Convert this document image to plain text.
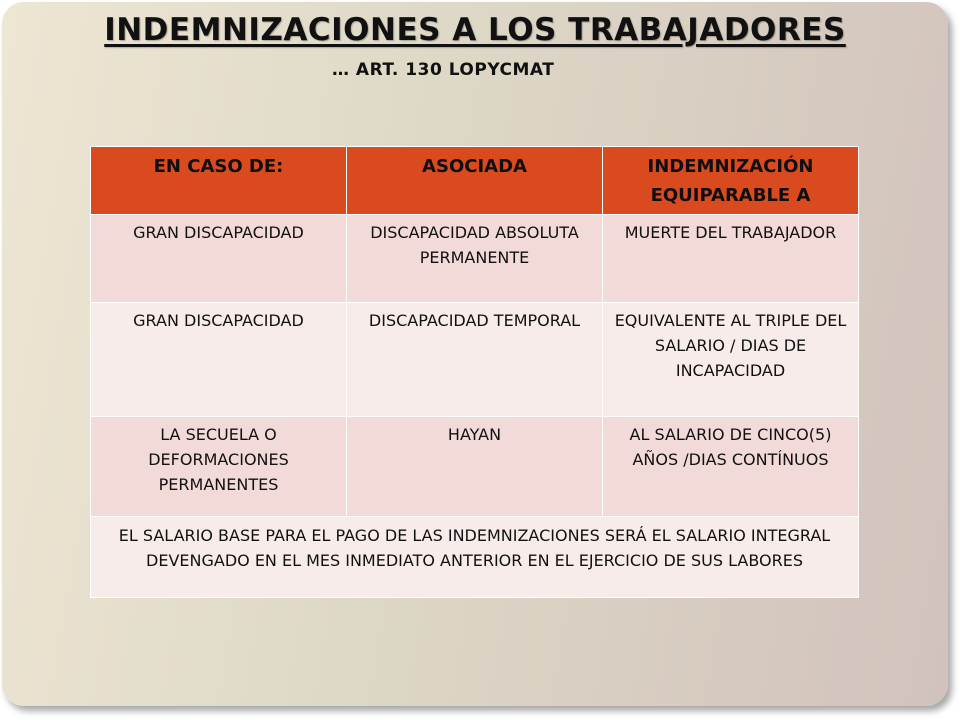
INDEMNIZACIONES A LOS TRABAJADORES
… ART. 130 LOPYCMAT
EN CASO DE:	ASOCIADA	INDEMNIZACIÓN EQUIPARABLE A
GRAN DISCAPACIDAD	DISCAPACIDAD ABSOLUTA PERMANENTE	MUERTE DEL TRABAJADOR
GRAN DISCAPACIDAD	DISCAPACIDAD TEMPORAL	EQUIVALENTE AL TRIPLE DEL SALARIO / DIAS DE INCAPACIDAD
LA SECUELA O DEFORMACIONES PERMANENTES	HAYAN	AL SALARIO DE CINCO(5) AÑOS /DIAS CONTÍNUOS
EL SALARIO BASE PARA EL PAGO DE LAS INDEMNIZACIONES SERÁ EL SALARIO INTEGRAL DEVENGADO EN EL MES INMEDIATO ANTERIOR EN EL EJERCICIO DE SUS LABORES		
